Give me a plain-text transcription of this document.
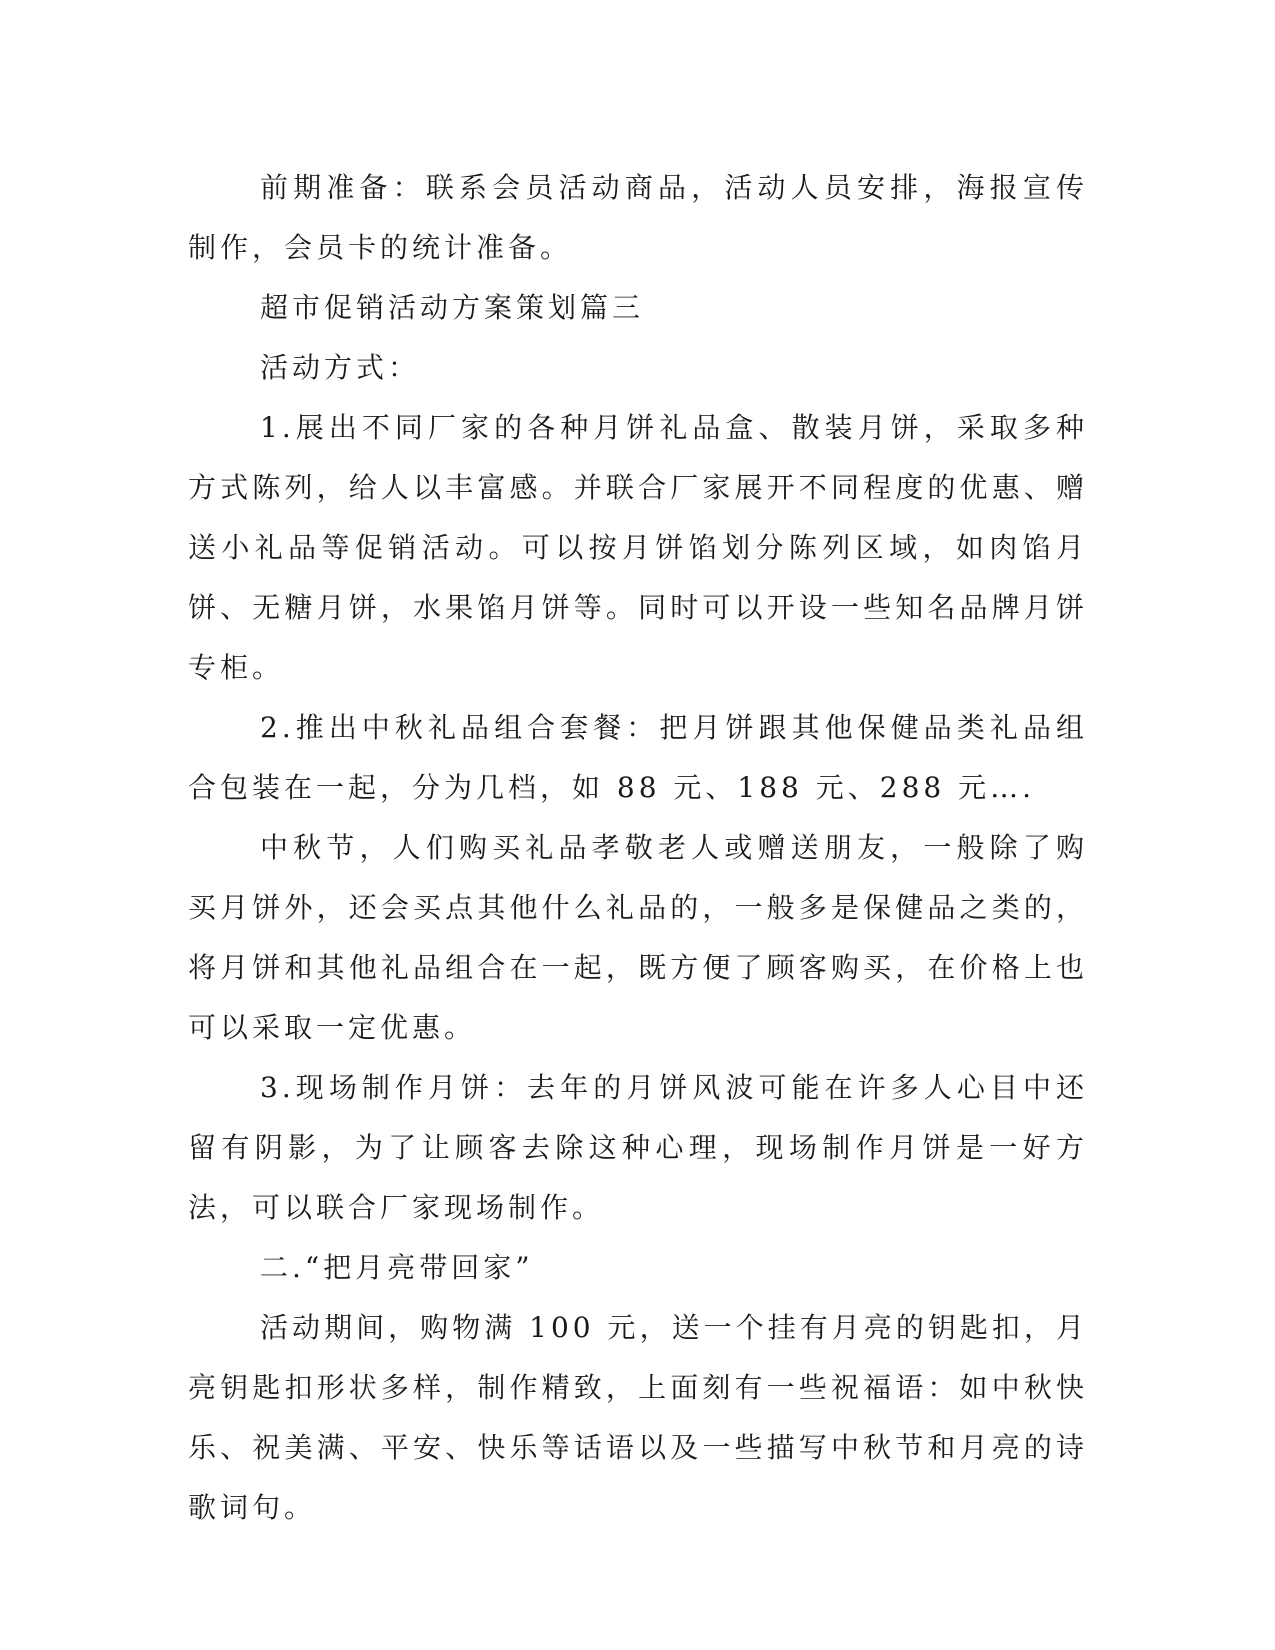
前期准备：联系会员活动商品，活动人员安排，海报宣传制作，会员卡的统计准备。

超市促销活动方案策划篇三

活动方式：

1.展出不同厂家的各种月饼礼品盒、散装月饼，采取多种方式陈列，给人以丰富感。并联合厂家展开不同程度的优惠、赠送小礼品等促销活动。可以按月饼馅划分陈列区域，如肉馅月饼、无糖月饼，水果馅月饼等。同时可以开设一些知名品牌月饼专柜。

2.推出中秋礼品组合套餐：把月饼跟其他保健品类礼品组合包装在一起，分为几档，如 88 元、188 元、288 元….

中秋节，人们购买礼品孝敬老人或赠送朋友，一般除了购买月饼外，还会买点其他什么礼品的，一般多是保健品之类的，将月饼和其他礼品组合在一起，既方便了顾客购买，在价格上也可以采取一定优惠。

3.现场制作月饼：去年的月饼风波可能在许多人心目中还留有阴影，为了让顾客去除这种心理，现场制作月饼是一好方法，可以联合厂家现场制作。

二.“把月亮带回家”

活动期间，购物满 100 元，送一个挂有月亮的钥匙扣，月亮钥匙扣形状多样，制作精致，上面刻有一些祝福语：如中秋快乐、祝美满、平安、快乐等话语以及一些描写中秋节和月亮的诗歌词句。
